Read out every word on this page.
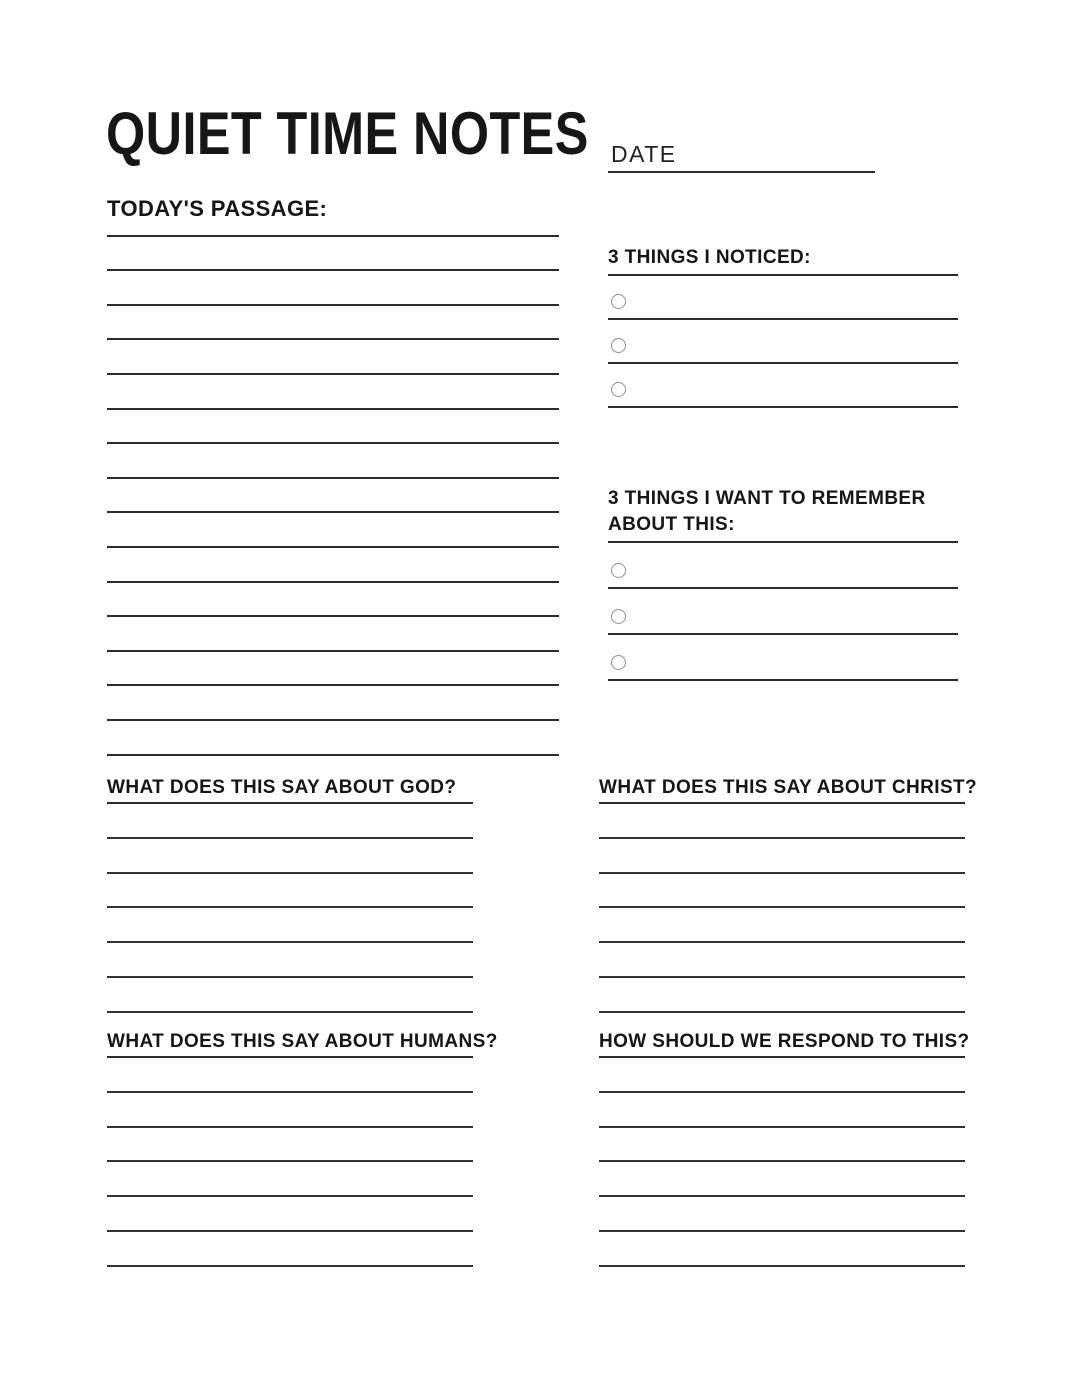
QUIET TIME NOTES DATE
TODAY'S PASSAGE:
3 THINGS I NOTICED:
3 THINGS I WANT TO REMEMBER
ABOUT THIS:
WHAT DOES THIS SAY ABOUT GOD?	WHAT DOES THIS SAY ABOUT CHRIST?
WHAT DOES THIS SAY ABOUT HUMANS?	HOW SHOULD WE RESPOND TO THIS?
